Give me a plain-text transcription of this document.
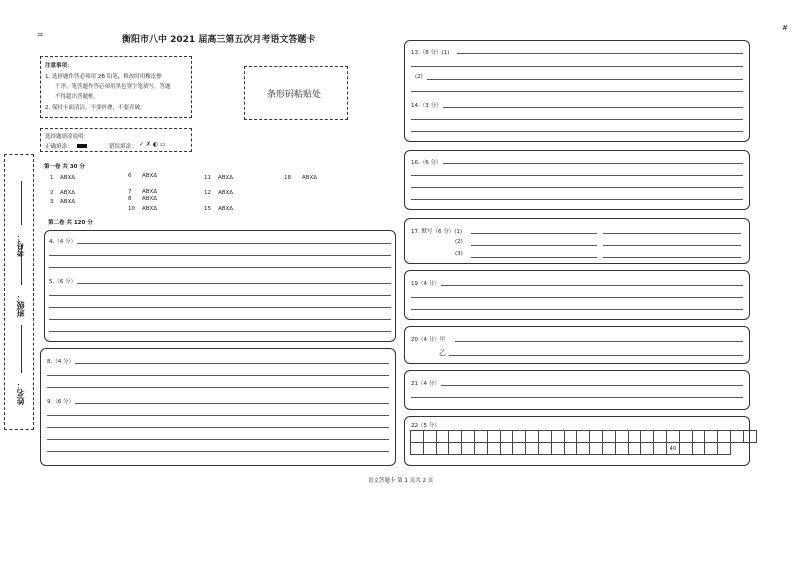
=
#
衡阳市八中 2021 届高三第五次月考语文答题卡
注意事项：
1. 选择题作答必须用 2B 铅笔，修改时用橡皮擦
干净。笔答题作答必须用黑色签字笔填写，答题
不得超出答题框。
2. 保持卡面清洁，不要折叠，不要弄破。
条形码粘贴处
选择题填涂说明：
正确填涂：	错误填涂： ✓ ✗ ◐ ▭
姓名：
班级：
考号：
第一卷 共 30 分
1 ABXΔ
2 ABXΔ
3 ABXΔ
6 ABXΔ
7 ABXΔ
8 ABXΔ
10 ABXΔ
11 ABXΔ
12 ABXΔ
15 ABXΔ
18 ABXΔ
第二卷 共 120 分
4.（4 分）
5.（6 分）
8.（4 分）
9.（6 分）
13.（8 分）(1)
(2)
14.（3 分）
16.（6 分）
17. 默写（6 分）(1)
(2)
(3)
19（4 分）
20（4 分）甲
乙
21（4 分）
22（5 分）
40
语文答题卡 第 1 页共 2 页
